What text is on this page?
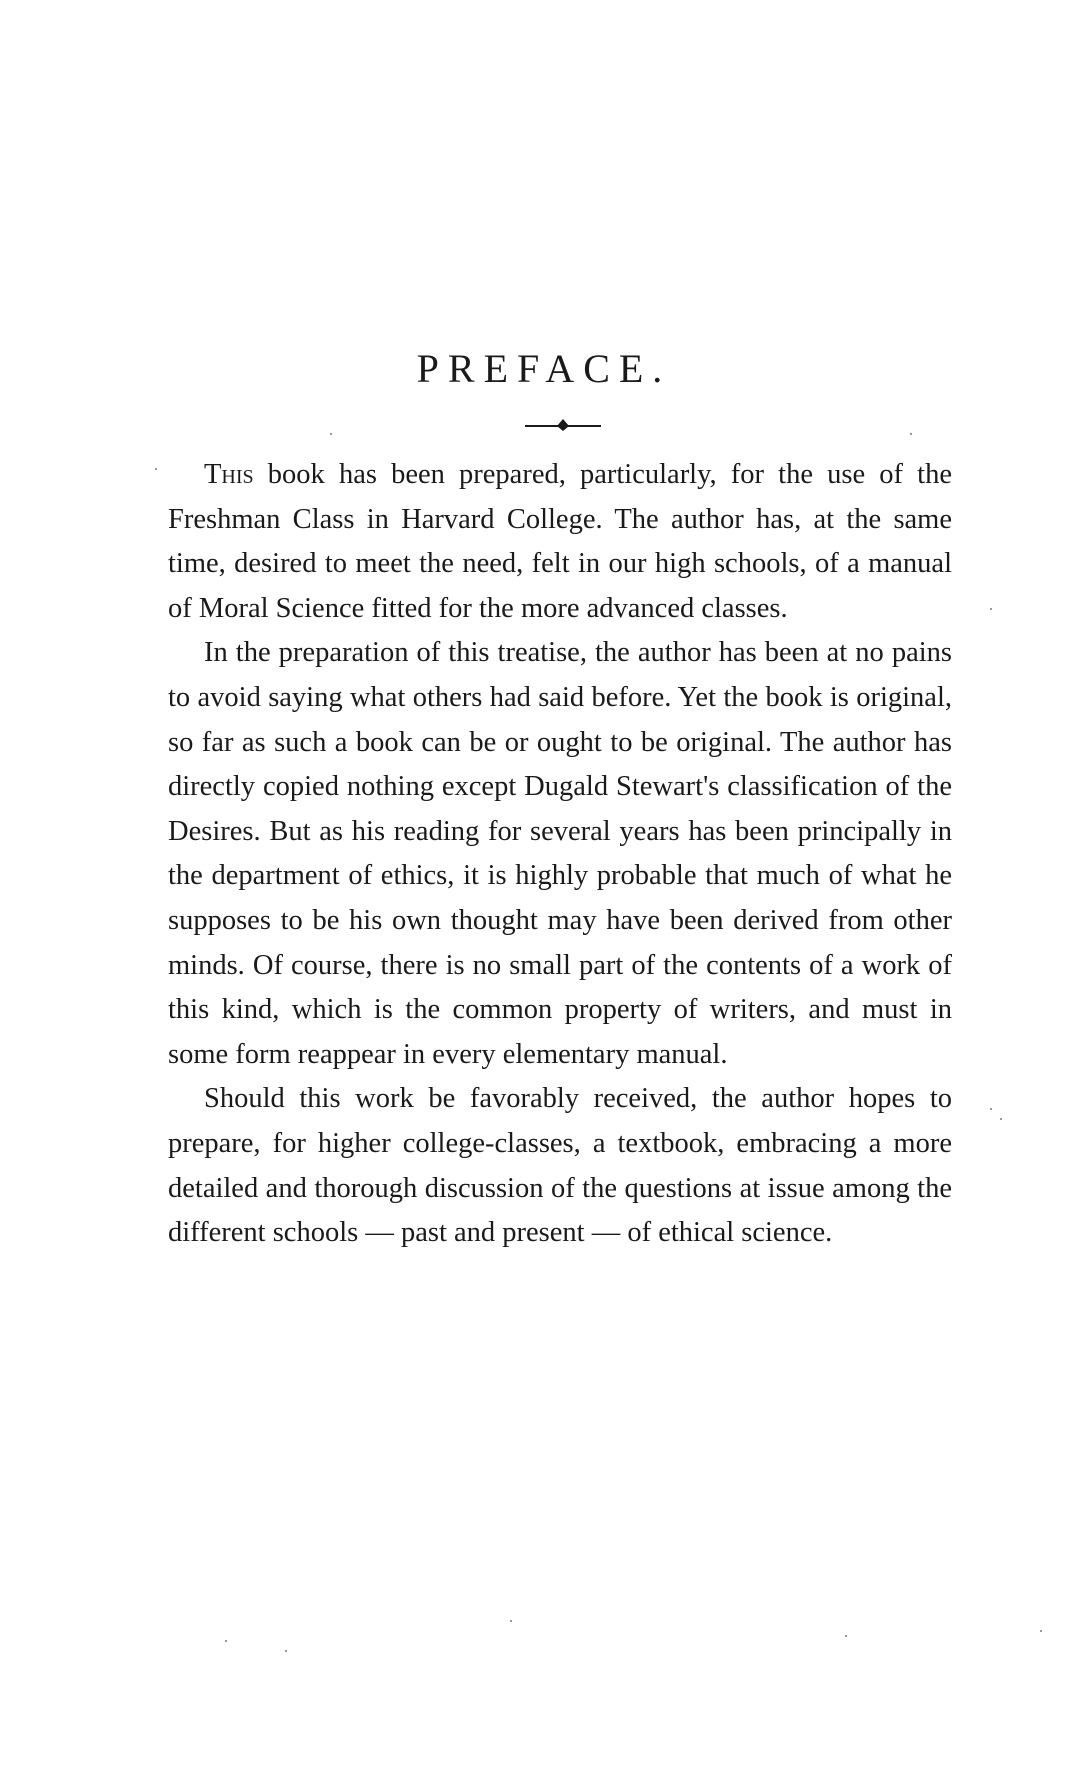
PREFACE.

This book has been prepared, particularly, for the use of the Freshman Class in Harvard College. The author has, at the same time, desired to meet the need, felt in our high schools, of a manual of Moral Science fitted for the more advanced classes.

In the preparation of this treatise, the author has been at no pains to avoid saying what others had said before. Yet the book is original, so far as such a book can be or ought to be original. The author has directly copied nothing except Dugald Stewart's classification of the Desires. But as his reading for several years has been principally in the department of ethics, it is highly probable that much of what he supposes to be his own thought may have been derived from other minds. Of course, there is no small part of the contents of a work of this kind, which is the common property of writers, and must in some form reappear in every elementary manual.

Should this work be favorably received, the author hopes to prepare, for higher college-classes, a textbook, embracing a more detailed and thorough discussion of the questions at issue among the different schools — past and present — of ethical science.
